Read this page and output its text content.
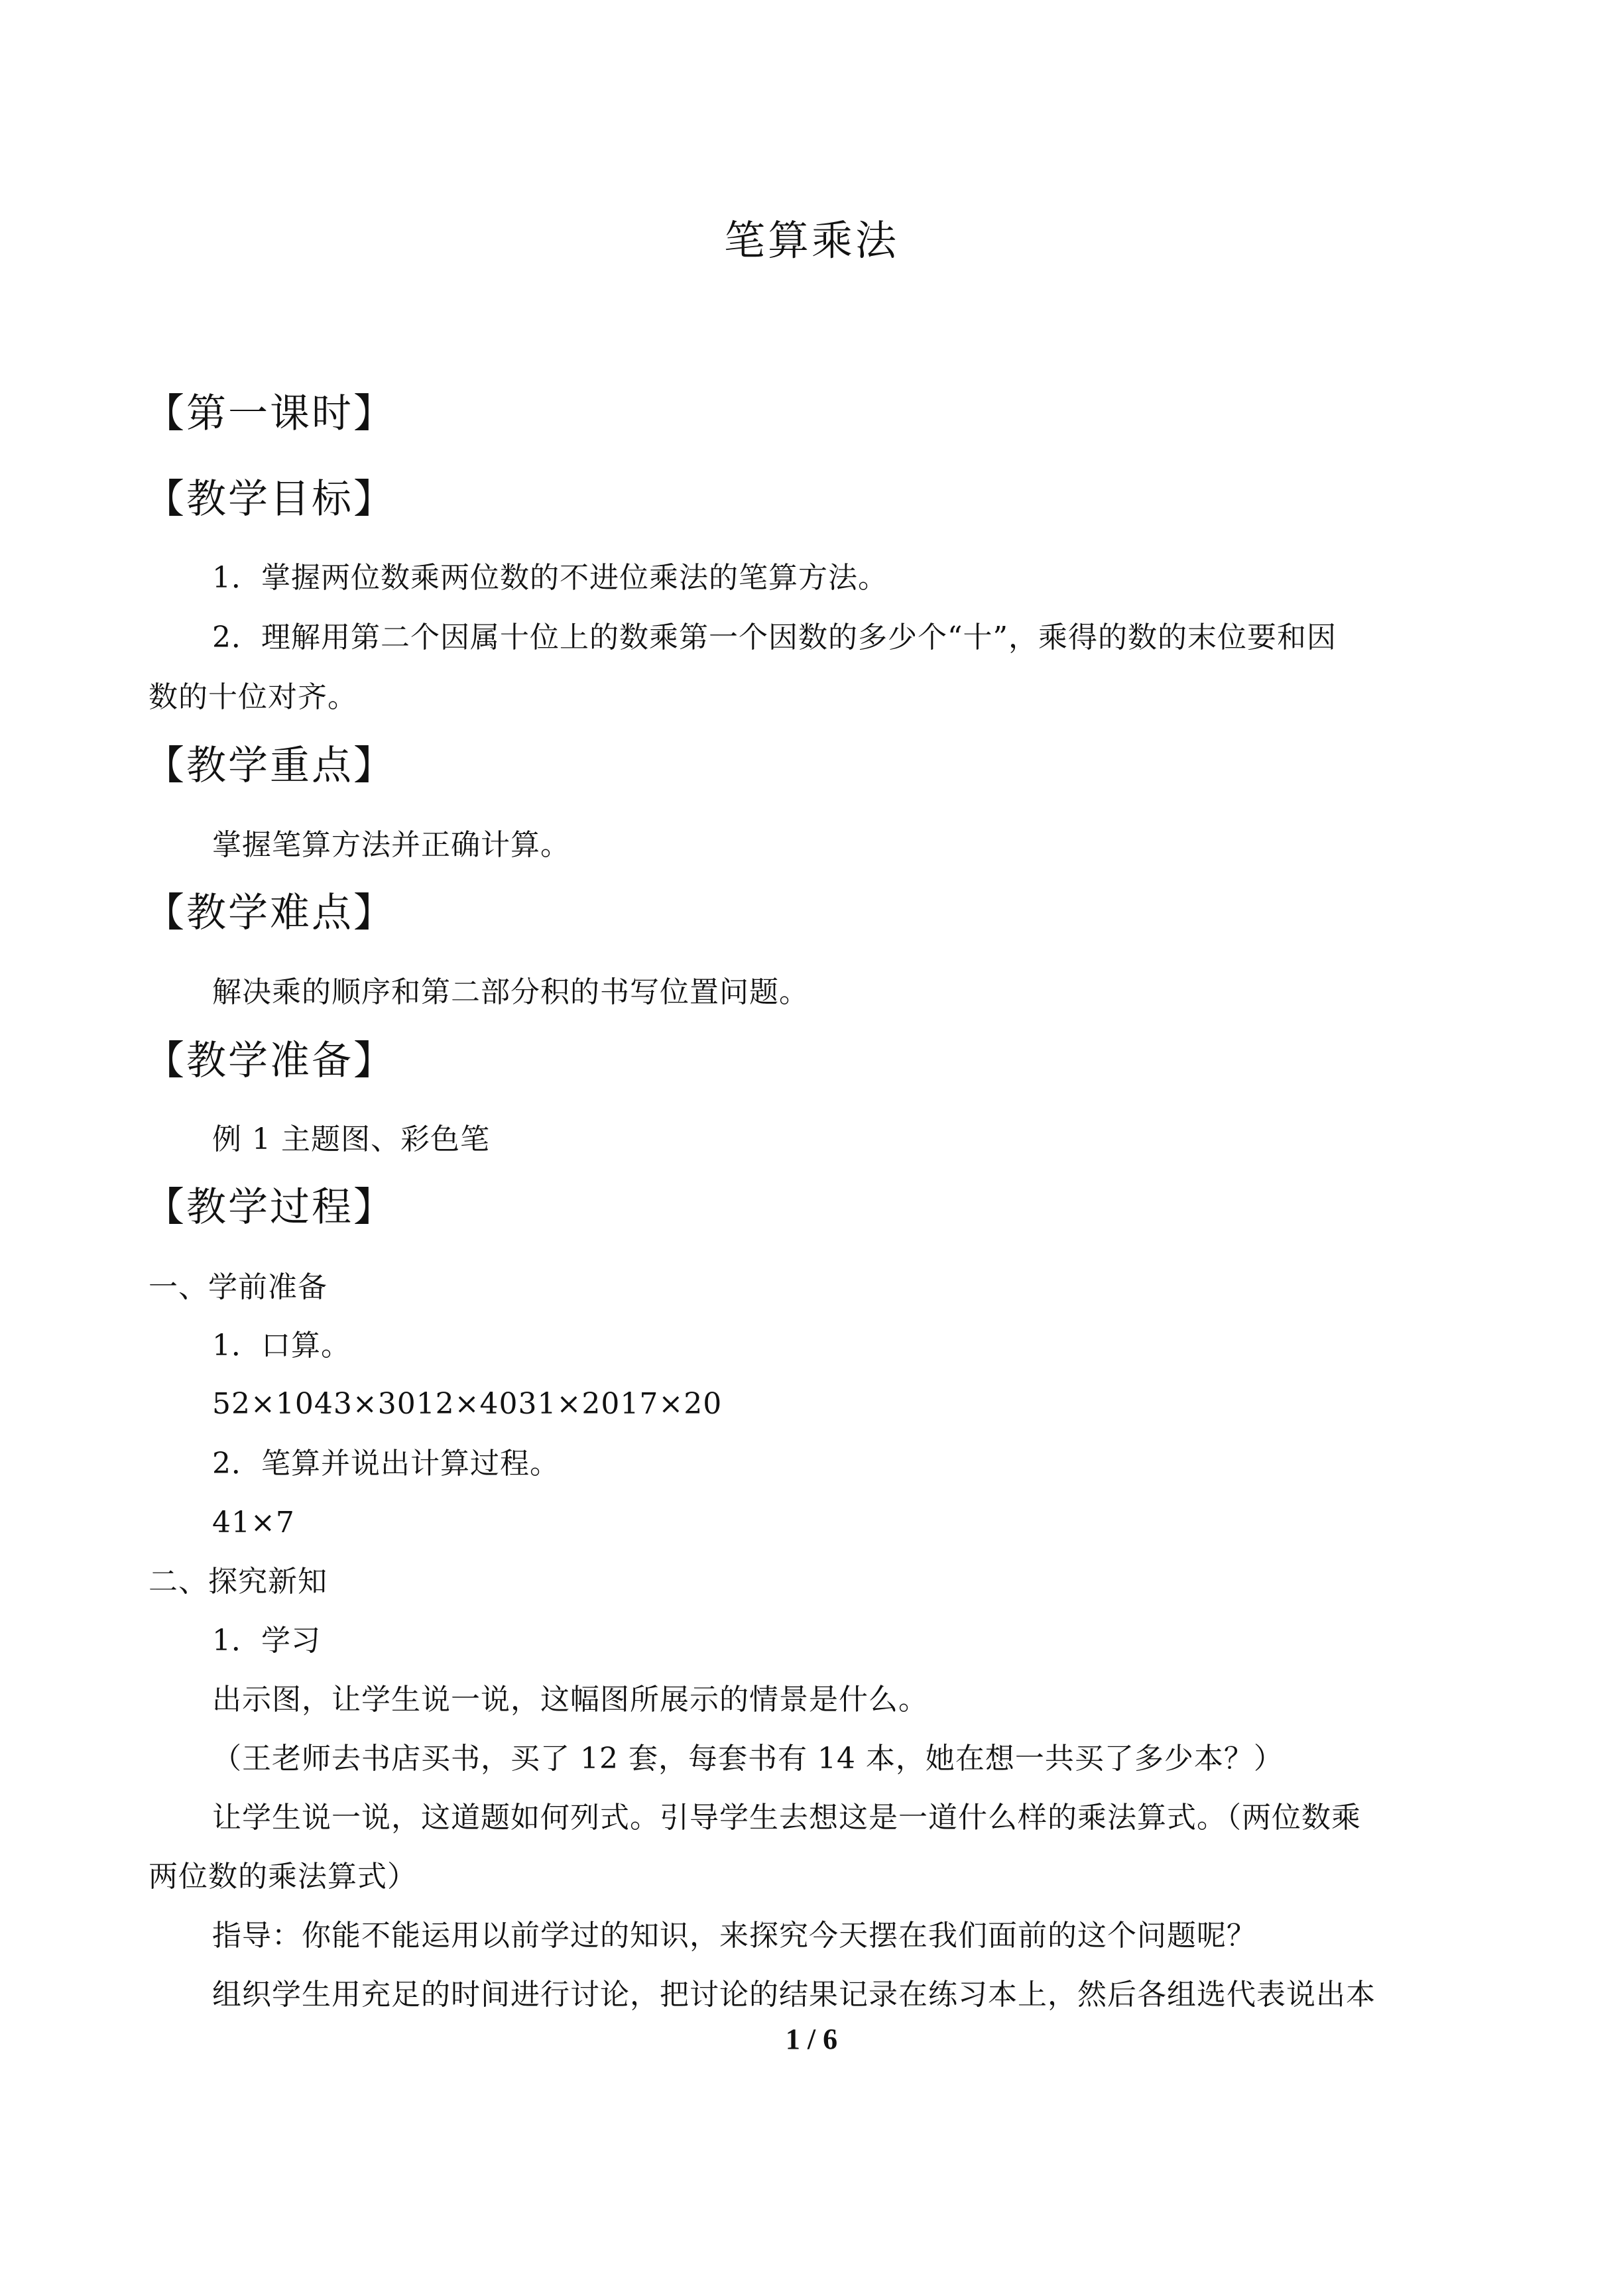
笔算乘法
【第一课时】
【教学目标】
1．掌握两位数乘两位数的不进位乘法的笔算方法。
2．理解用第二个因属十位上的数乘第一个因数的多少个“十”，乘得的数的末位要和因
数的十位对齐。
【教学重点】
掌握笔算方法并正确计算。
【教学难点】
解决乘的顺序和第二部分积的书写位置问题。
【教学准备】
例 1 主题图、彩色笔
【教学过程】
一、学前准备
1．口算。
52×1043×3012×4031×2017×20
2．笔算并说出计算过程。
41×7
二、探究新知
1．学习
出示图，让学生说一说，这幅图所展示的情景是什么。
（王老师去书店买书，买了 12 套，每套书有 14 本，她在想一共买了多少本？）
让学生说一说，这道题如何列式。引导学生去想这是一道什么样的乘法算式。（两位数乘
两位数的乘法算式）
指导：你能不能运用以前学过的知识，来探究今天摆在我们面前的这个问题呢？
组织学生用充足的时间进行讨论，把讨论的结果记录在练习本上，然后各组选代表说出本
1 / 6
